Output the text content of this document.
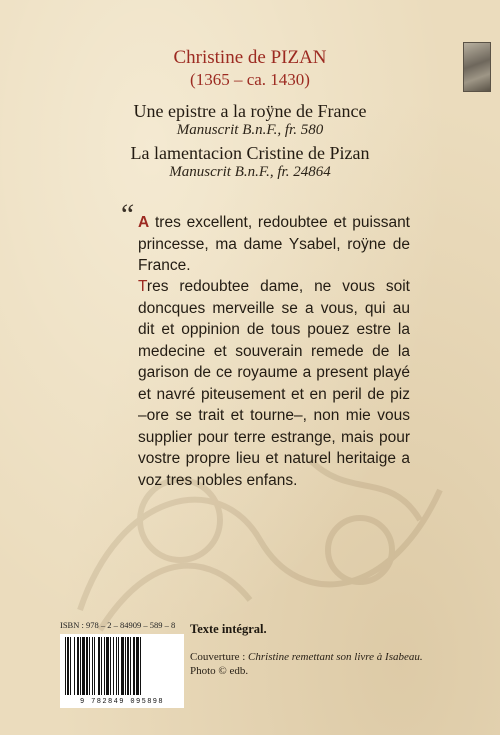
Christine de PIZAN
(1365 – ca. 1430)
Une epistre a la roÿne de France
Manuscrit B.n.F., fr. 580
La lamentacion Cristine de Pizan
Manuscrit B.n.F., fr. 24864
“ A tres excellent, redoubtee et puissant princesse, ma dame Ysabel, roÿne de France.

Tres redoubtee dame, ne vous soit doncques merveille se a vous, qui au dit et oppinion de tous pouez estre la medecine et souverain remede de la garison de ce royaume a present playé et navré piteusement et en peril de piz –ore se trait et tourne–, non mie vous supplier pour terre estrange, mais pour vostre propre lieu et naturel heritaige a voz tres nobles enfans.

ISBN : 978 – 2 – 84909 – 589 – 8
9 782849 095898
Texte intégral.
Couverture : Christine remettant son livre à Isabeau.
Photo © edb.
